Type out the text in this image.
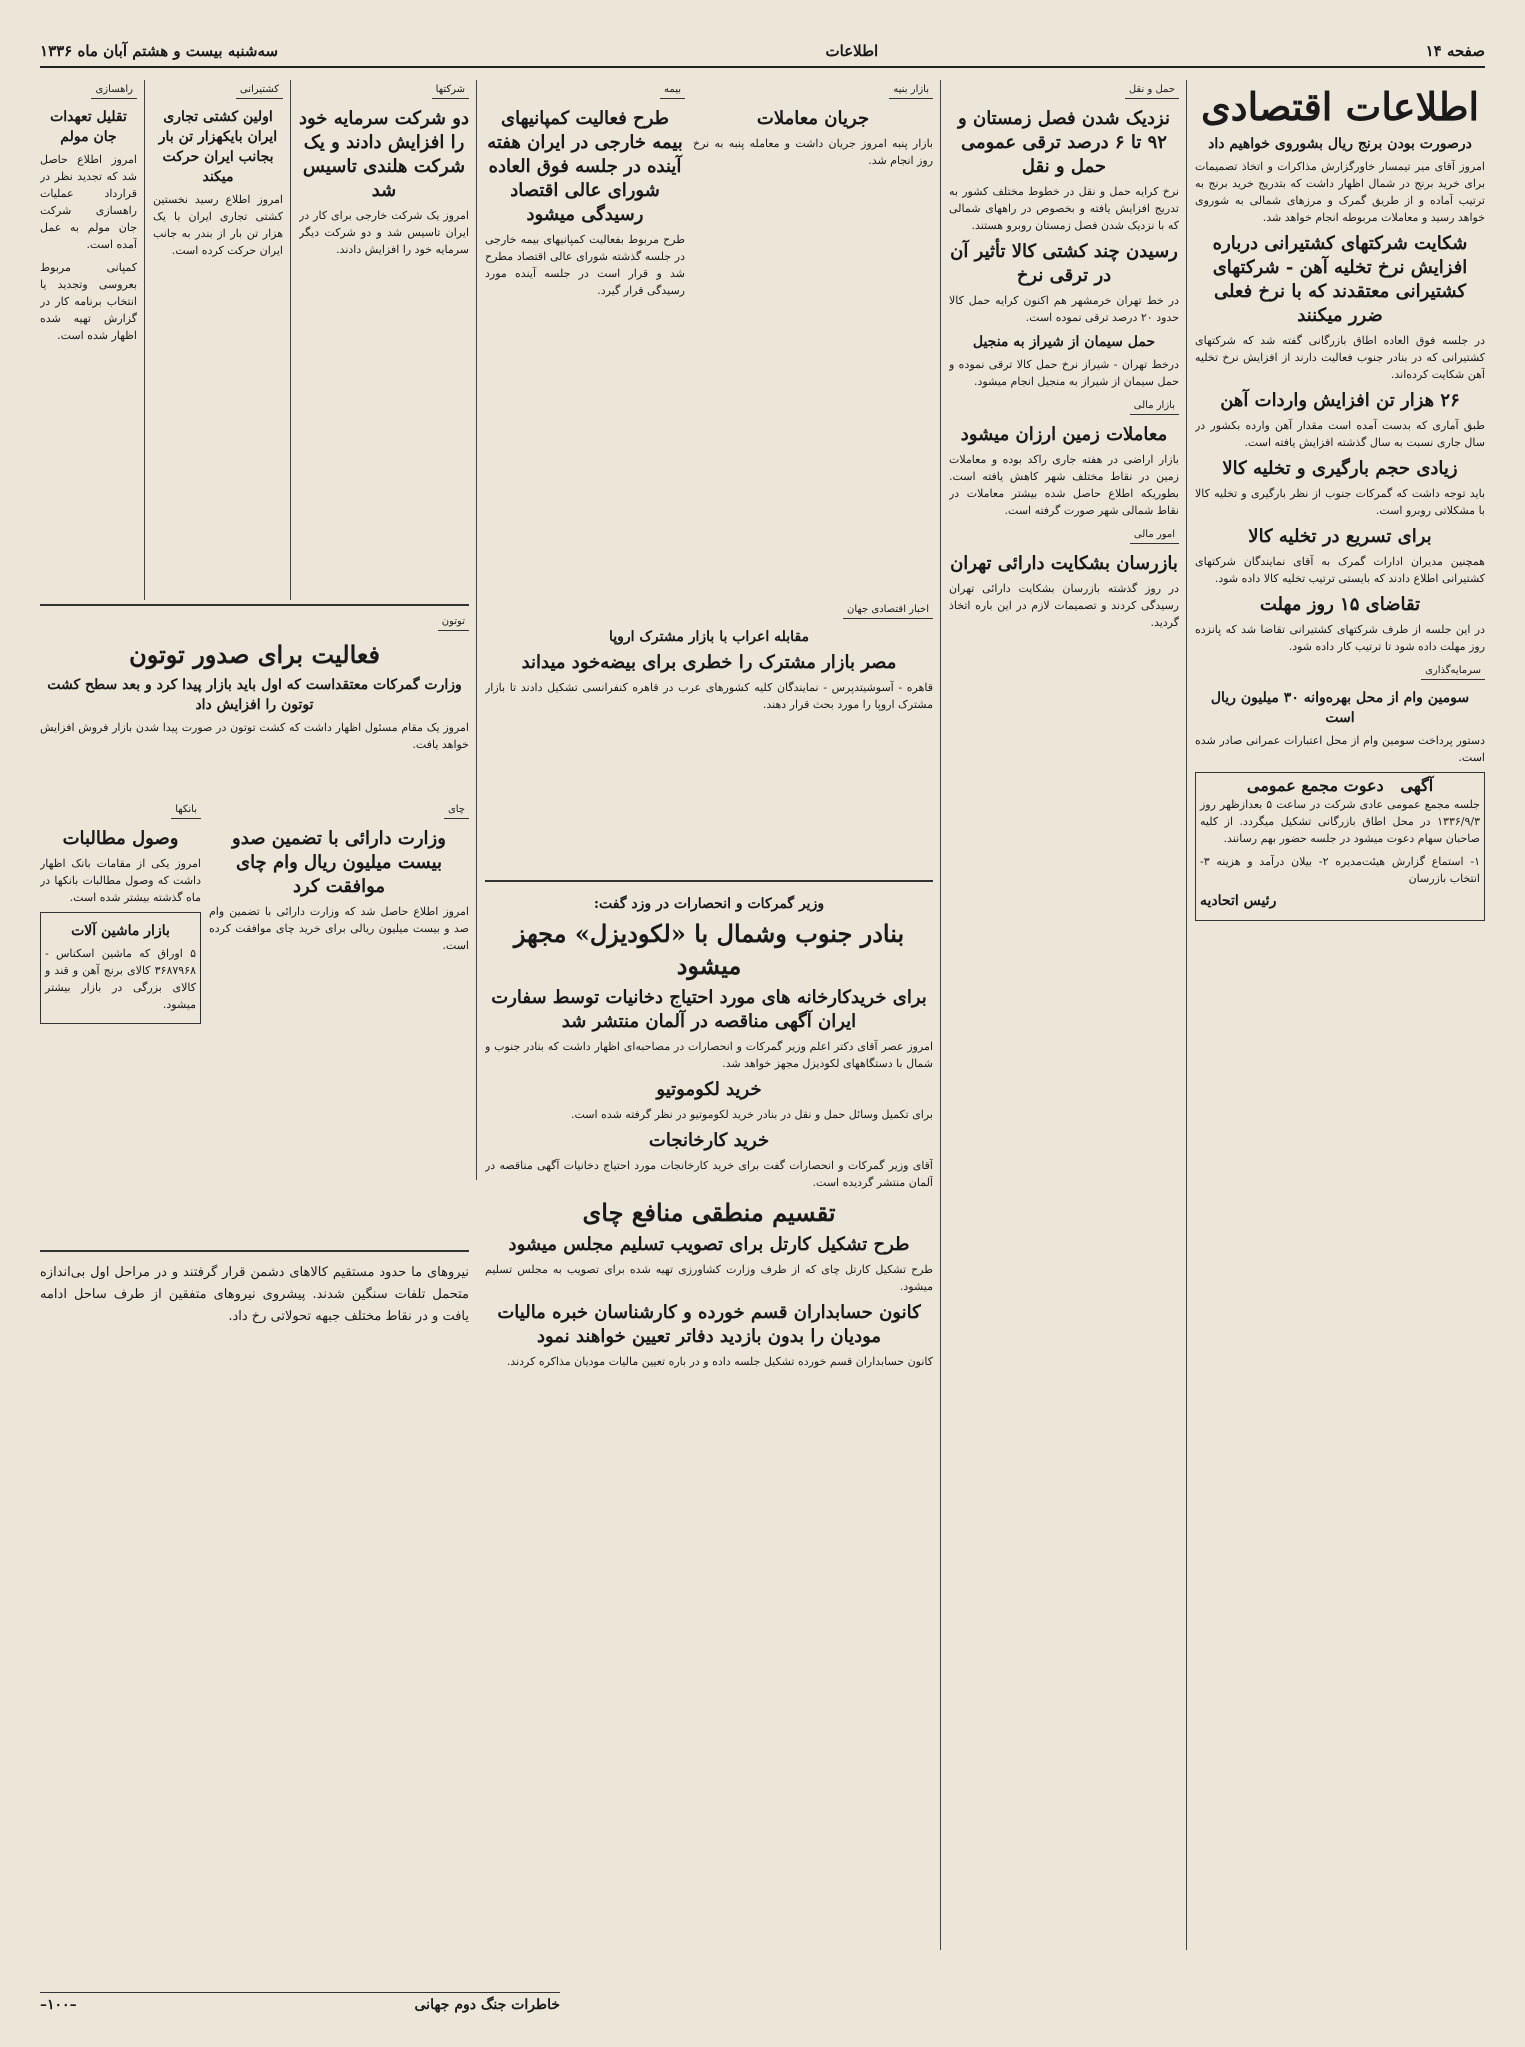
صفحه ۱۴
اطلاعات
سه‌شنبه بیست و هشتم آبان ماه ۱۳۳۶
اطلاعات اقتصادی
درصورت بودن برنج ریال بشوروی خواهیم داد

امروز آقای میر تیمسار خاورگزارش مذاکرات و اتخاذ تصمیمات برای خرید برنج در شمال اظهار داشت که بتدریج خرید برنج به ترتیب آماده و از طریق گمرک و مرزهای شمالی به شوروی خواهد رسید و معاملات مربوطه انجام خواهد شد.

شکایت شرکتهای کشتیرانی درباره افزایش نرخ تخلیه آهن - شرکتهای کشتیرانی معتقدند که با نرخ فعلی ضرر میکنند

در جلسه فوق العاده اطاق بازرگانی گفته شد که شرکتهای کشتیرانی که در بنادر جنوب فعالیت دارند از افزایش نرخ تخلیه آهن شکایت کرده‌اند.

۲۶ هزار تن افزایش واردات آهن

طبق آماری که بدست آمده است مقدار آهن وارده بکشور در سال جاری نسبت به سال گذشته افزایش یافته است.

زیادی حجم بارگیری و تخلیه کالا

باید توجه داشت که گمرکات جنوب از نظر بارگیری و تخلیه کالا با مشکلاتی روبرو است.

برای تسریع در تخلیه کالا

همچنین مدیران ادارات گمرک به آقای نمایندگان شرکتهای کشتیرانی اطلاع دادند که بایستی ترتیب تخلیه کالا داده شود.

تقاضای ۱۵ روز مهلت

در این جلسه از طرف شرکتهای کشتیرانی تقاضا شد که پانزده روز مهلت داده شود تا ترتیب کار داده شود.

سرمایه‌گذاری
سومین وام از محل بهره‌وانه ۳۰ میلیون ریال است

دستور پرداخت سومین وام از محل اعتبارات عمرانی صادر شده است.

آگهی   دعوت مجمع عمومی

جلسه مجمع عمومی عادی شرکت در ساعت ۵ بعدازظهر روز ۱۳۳۶/۹/۳ در محل اطاق بازرگانی تشکیل میگردد. از کلیه صاحبان سهام دعوت میشود در جلسه حضور بهم رسانند.

۱- استماع گزارش هیئت‌مدیره ۲- بیلان درآمد و هزینه ۳- انتخاب بازرسان

رئیس اتحادیه

حمل و نقل
نزدیک شدن فصل زمستان و ۹۲ تا ۶ درصد ترقی عمومی حمل و نقل

نرخ کرایه حمل و نقل در خطوط مختلف کشور به تدریج افزایش یافته و بخصوص در راههای شمالی که با نزدیک شدن فصل زمستان روبرو هستند.

رسیدن چند کشتی کالا تأثیر آن در ترقی نرخ

در خط تهران خرمشهر هم اکنون کرایه حمل کالا حدود ۲۰ درصد ترقی نموده است.

حمل سیمان از شیراز به منجیل

درخط تهران - شیراز نرخ حمل کالا ترقی نموده و حمل سیمان از شیراز به منجیل انجام میشود.

بازار مالی
معاملات زمین ارزان میشود

بازار اراضی در هفته جاری راکد بوده و معاملات زمین در نقاط مختلف شهر کاهش یافته است. بطوریکه اطلاع حاصل شده بیشتر معاملات در نقاط شمالی شهر صورت گرفته است.

امور مالی
بازرسان بشکایت دارائی تهران

در روز گذشته بازرسان بشکایت دارائی تهران رسیدگی کردند و تصمیمات لازم در این باره اتخاذ گردید.

بازار بنیه
جریان معاملات

بازار پنبه امروز جریان داشت و معامله پنبه به نرخ روز انجام شد.

بیمه
طرح فعالیت کمپانیهای بیمه خارجی در ایران هفته آینده در جلسه فوق العاده شورای عالی اقتصاد رسیدگی میشود

طرح مربوط بفعالیت کمپانیهای بیمه خارجی در جلسه گذشته شورای عالی اقتصاد مطرح شد و قرار است در جلسه آینده مورد رسیدگی قرار گیرد.

اخبار اقتصادی جهان
مقابله اعراب با بازار مشترک اروپا
مصر بازار مشترک را خطری برای بیضه‌خود میداند

قاهره - آسوشیتدپرس - نمایندگان کلیه کشورهای عرب در قاهره کنفرانسی تشکیل دادند تا بازار مشترک اروپا را مورد بحث قرار دهند.

وزیر گمرکات و انحصارات در وزد گفت:
بنادر جنوب وشمال با «لکودیزل» مجهز میشود
برای خریدکارخانه های مورد احتیاج دخانیات توسط سفارت ایران آگهی مناقصه در آلمان منتشر شد

امروز عصر آقای دکتر اعلم وزیر گمرکات و انحصارات در مصاحبه‌ای اظهار داشت که بنادر جنوب و شمال با دستگاههای لکودیزل مجهز خواهد شد.

خرید لکوموتیو

برای تکمیل وسائل حمل و نقل در بنادر خرید لکوموتیو در نظر گرفته شده است.

خرید کارخانجات

آقای وزیر گمرکات و انحصارات گفت برای خرید کارخانجات مورد احتیاج دخانیات آگهی مناقصه در آلمان منتشر گردیده است.

تقسیم منطقی منافع چای
طرح تشکیل کارتل برای تصویب تسلیم مجلس میشود

طرح تشکیل کارتل چای که از طرف وزارت کشاورزی تهیه شده برای تصویب به مجلس تسلیم میشود.

کانون حسابداران قسم خورده و کارشناسان خبره مالیات مودیان را بدون بازدید دفاتر تعیین خواهند نمود

کانون حسابداران قسم خورده تشکیل جلسه داده و در باره تعیین مالیات مودیان مذاکره کردند.

شرکتها
دو شرکت سرمایه خود را افزایش دادند و یک شرکت هلندی تاسیس شد

امروز یک شرکت خارجی برای کار در ایران تاسیس شد و دو شرکت دیگر سرمایه خود را افزایش دادند.

کشتیرانی
اولین کشتی تجاری ایران بایکهزار تن بار بجانب ایران حرکت میکند

امروز اطلاع رسید نخستین کشتی تجاری ایران با یک هزار تن بار از بندر به جانب ایران حرکت کرده است.

راهسازی
تقلیل تعهدات جان مولم

امروز اطلاع حاصل شد که تجدید نظر در قرارداد عملیات راهسازی شرکت جان مولم به عمل آمده است.

کمپانی مربوط بعروسی وتجدید یا انتخاب برنامه کار در گزارش تهیه شده اظهار شده است.

توتون
فعالیت برای صدور توتون
وزارت گمرکات معتقداست که اول باید بازار پیدا کرد و بعد سطح کشت توتون را افزایش داد

امروز یک مقام مسئول اظهار داشت که کشت توتون در صورت پیدا شدن بازار فروش افزایش خواهد یافت.

چای
وزارت دارائی با تضمین صدو بیست میلیون ریال وام چای موافقت کرد

امروز اطلاع حاصل شد که وزارت دارائی با تضمین وام صد و بیست میلیون ریالی برای خرید چای موافقت کرده است.

بانکها
وصول مطالبات

امروز یکی از مقامات بانک اظهار داشت که وصول مطالبات بانکها در ماه گذشته بیشتر شده است.

بازار ماشین آلات

۵ اوراق که ماشین اسکناس - ۳۶۸۷۹۶۸ کالای برنج آهن و قند و کالای بزرگی در بازار بیشتر میشود.

نیروهای ما حدود مستقیم کالاهای دشمن قرار گرفتند و در مراحل اول بی‌اندازه متحمل تلفات سنگین شدند. پیشروی نیروهای متفقین از طرف ساحل ادامه یافت و در نقاط مختلف جبهه تحولاتی رخ داد.

خاطرات جنگ دوم جهانی
–۱۰۰–
